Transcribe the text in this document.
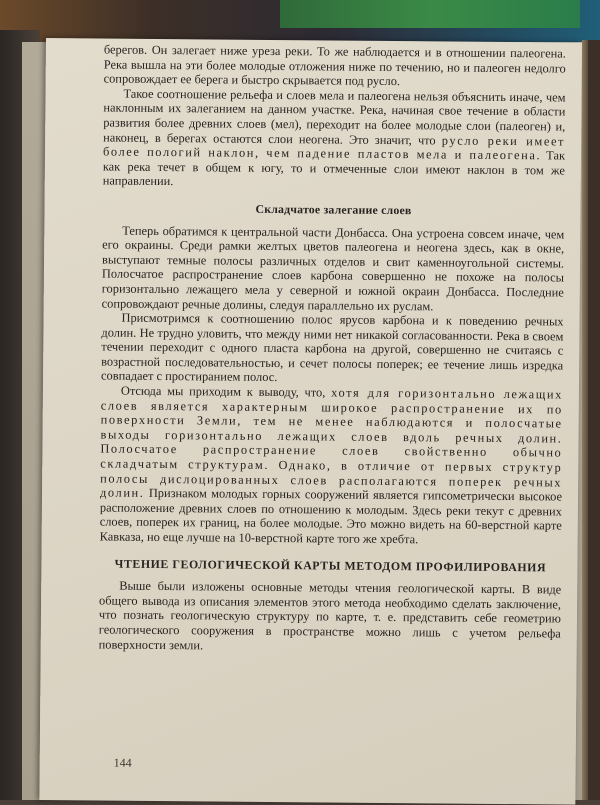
берегов. Он залегает ниже уреза реки. То же наблюдается и в отношении палеогена. Река вышла на эти более молодые отложения ниже по течению, но и палеоген недолго сопровождает ее берега и быстро скрывается под русло.

Такое соотношение рельефа и слоев мела и палеогена нельзя объяснить иначе, чем наклонным их залеганием на данном участке. Река, начиная свое течение в области развития более древних слоев (мел), переходит на более молодые слои (палеоген) и, наконец, в берегах остаются слои неогена. Это значит, что русло реки имеет более пологий наклон, чем падение пластов мела и палеогена. Так как река течет в общем к югу, то и отмеченные слои имеют наклон в том же направлении.

Складчатое залегание слоев

Теперь обратимся к центральной части Донбасса. Она устроена совсем иначе, чем его окраины. Среди рамки желтых цветов палеогена и неогена здесь, как в окне, выступают темные полосы различных отделов и свит каменноугольной системы. Полосчатое распространение слоев карбона совершенно не похоже на полосы горизонтально лежащего мела у северной и южной окраин Донбасса. Последние сопровождают речные долины, следуя параллельно их руслам.

Присмотримся к соотношению полос ярусов карбона и к поведению речных долин. Не трудно уловить, что между ними нет никакой согласованности. Река в своем течении переходит с одного пласта карбона на другой, совершенно не считаясь с возрастной последовательностью, и сечет полосы поперек; ее течение лишь изредка совпадает с простиранием полос.

Отсюда мы приходим к выводу, что, хотя для горизонтально лежащих слоев является характерным широкое распространение их по поверхности Земли, тем не менее наблюдаются и полосчатые выходы горизонтально лежащих слоев вдоль речных долин. Полосчатое распространение слоев свойственно обычно складчатым структурам. Однако, в отличие от первых структур полосы дислоцированных слоев располагаются поперек речных долин. Признаком молодых горных сооружений является гипсометрически высокое расположение древних слоев по отношению к молодым. Здесь реки текут с древних слоев, поперек их границ, на более молодые. Это можно видеть на 60-верстной карте Кавказа, но еще лучше на 10-верстной карте того же хребта.

ЧТЕНИЕ ГЕОЛОГИЧЕСКОЙ КАРТЫ МЕТОДОМ ПРОФИЛИРОВАНИЯ

Выше были изложены основные методы чтения геологической карты. В виде общего вывода из описания элементов этого метода необходимо сделать заключение, что познать геологическую структуру по карте, т. е. представить себе геометрию геологического сооружения в пространстве можно лишь с учетом рельефа поверхности земли.

144
